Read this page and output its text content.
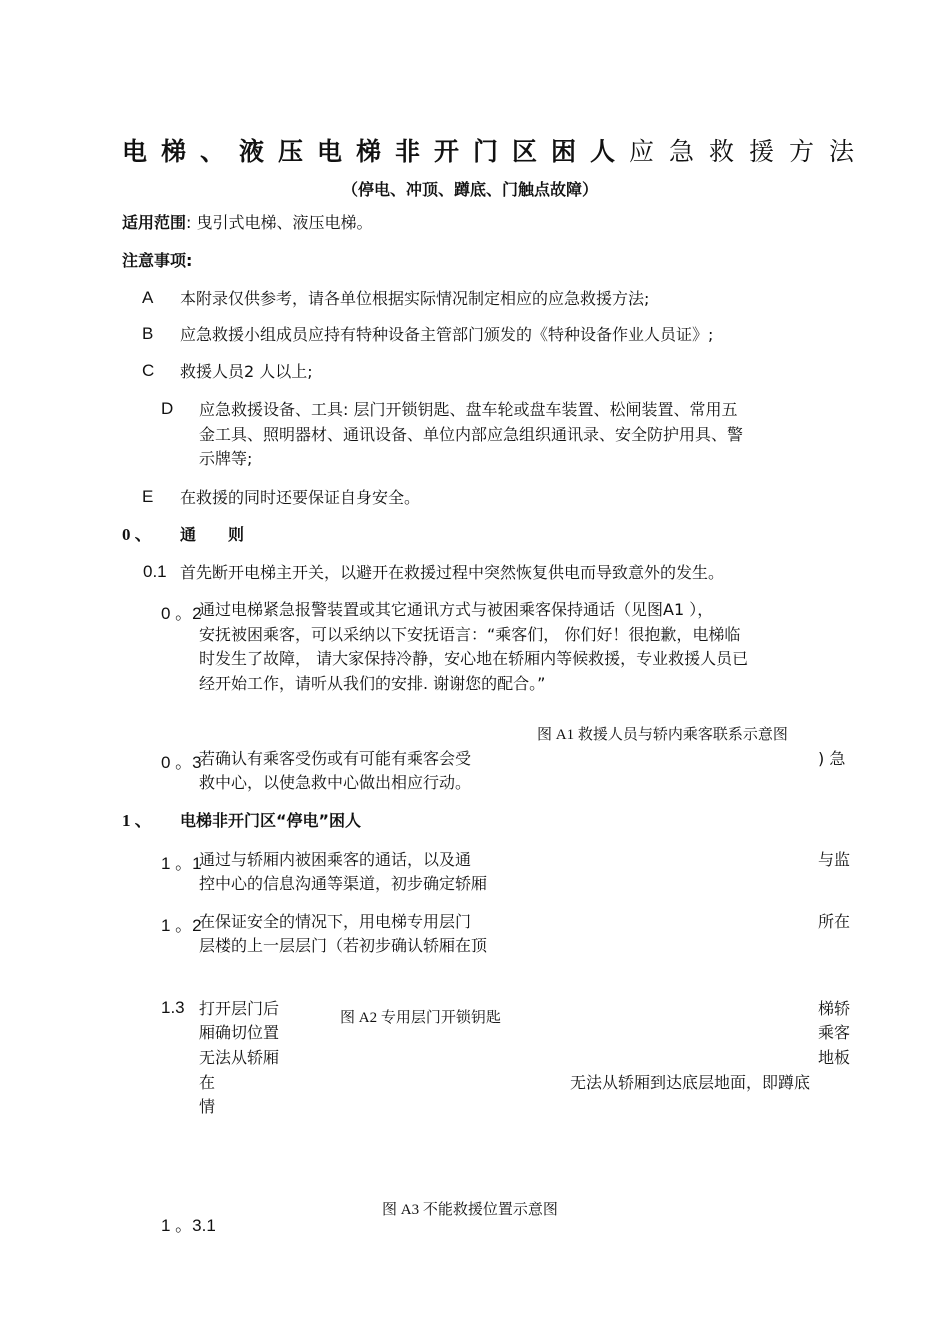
电梯、液压电梯非开门区困人应急救援方法
（停电、冲顶、蹲底、门触点故障）
适用范围: 曳引式电梯、液压电梯。
注意事项:
A 本附录仅供参考，请各单位根据实际情况制定相应的应急救援方法;
B 应急救援小组成员应持有特种设备主管部门颁发的《特种设备作业人员证》;
C 救援人员2 人以上;
D 应急救援设备、工具: 层门开锁钥匙、盘车轮或盘车装置、松闸装置、常用五
金工具、照明器材、通讯设备、单位内部应急组织通讯录、安全防护用具、警
示牌等;
E 在救援的同时还要保证自身安全。
0 、 通　　则
0.1 首先断开电梯主开关，以避开在救援过程中突然恢复供电而导致意外的发生。
0 。2
通过电梯紧急报警装置或其它通讯方式与被困乘客保持通话（见图A1 ），
安抚被困乘客，可以采纳以下安抚语言：“乘客们， 你们好！很抱歉，电梯临
时发生了故障， 请大家保持冷静，安心地在轿厢内等候救援，专业救援人员已
经开始工作，请听从我们的安排. 谢谢您的配合。”
图 A1 救援人员与轿内乘客联系示意图
0 。3
若确认有乘客受伤或有可能有乘客会受	) 急
救中心，以使急救中心做出相应行动。
1 、 电梯非开门区“停电”困人
1 。1
通过与轿厢内被困乘客的通话，以及通	与监
控中心的信息沟通等渠道，初步确定轿厢
1 。2
在保证安全的情况下，用电梯专用层门	所在
层楼的上一层层门（若初步确认轿厢在顶
1.3 打开层门后
厢确切位置
无法从轿厢
在
情
图 A2 专用层门开锁钥匙	梯轿
乘客
地板
无法从轿厢到达底层地面，即蹲底
图 A3 不能救援位置示意图
1 。3.1
